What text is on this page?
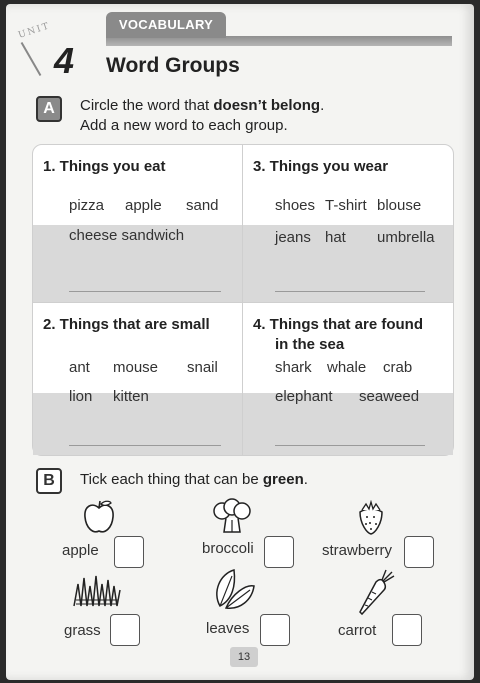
VOCABULARY
UNIT
4 Word Groups
A	Circle the word that doesn’t belong.
Add a new word to each group.
1. Things you eat
pizza apple sand
cheese sandwich
3. Things you wear
shoes T-shirt blouse
jeans hat umbrella
2. Things that are small
ant mouse snail
lion kitten
4. Things that are found
in the sea
shark whale crab
elephant seaweed
B	Tick each thing that can be green.
apple	broccoli	strawberry
grass	leaves	carrot
13
